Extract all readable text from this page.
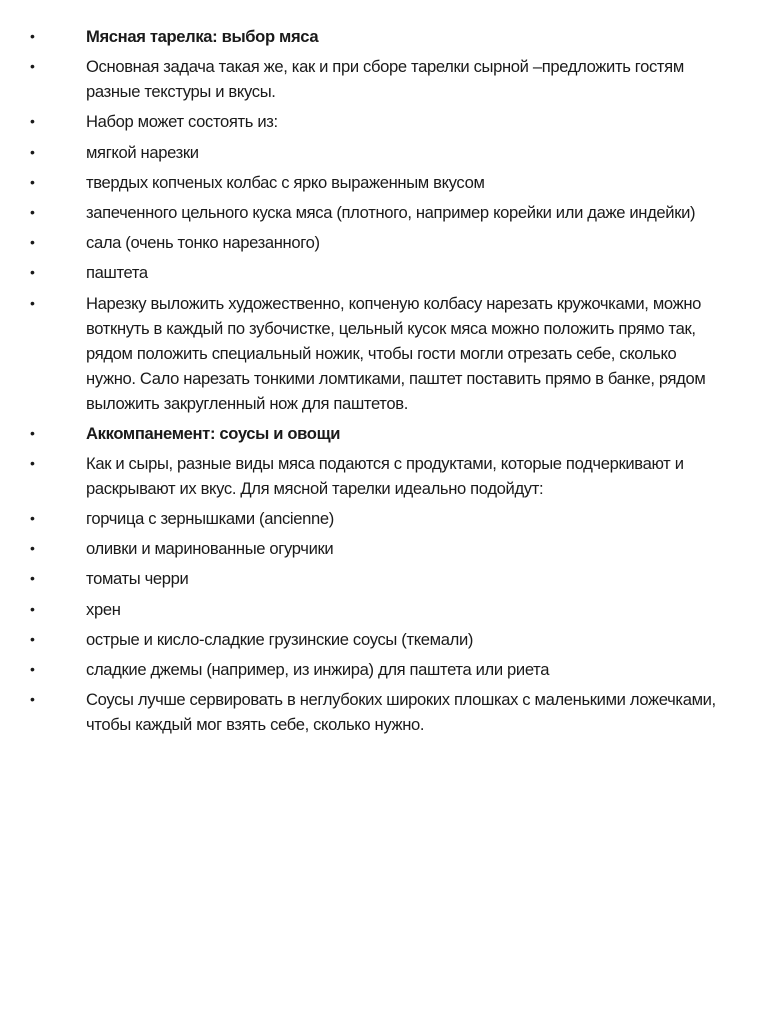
•	Мясная тарелка: выбор мяса
•	Основная задача такая же, как и при сборе тарелки сырной –предложить гостям разные текстуры и вкусы.
•	Набор может состоять из:
•	мягкой нарезки
•	твердых копченых колбас с ярко выраженным вкусом
•	запеченного цельного куска мяса (плотного, например корейки или даже индейки)
•	сала (очень тонко нарезанного)
•	паштета
•	Нарезку выложить художественно, копченую колбасу нарезать кружочками, можно воткнуть в каждый по зубочистке, цельный кусок мяса можно положить прямо так, рядом положить специальный ножик, чтобы гости могли отрезать себе, сколько нужно. Сало нарезать тонкими ломтиками, паштет поставить прямо в банке, рядом выложить закругленный нож для паштетов.
•	Аккомпанемент: соусы и овощи
•	Как и сыры, разные виды мяса подаются с продуктами, которые подчеркивают и раскрывают их вкус. Для мясной тарелки идеально подойдут:
•	горчица с зернышками (ancienne)
•	оливки и маринованные огурчики
•	томаты черри
•	хрен
•	острые и кисло-сладкие грузинские соусы (ткемали)
•	сладкие джемы (например, из инжира) для паштета или риета
•	Соусы лучше сервировать в неглубоких широких плошках с маленькими ложечками, чтобы каждый мог взять себе, сколько нужно.
